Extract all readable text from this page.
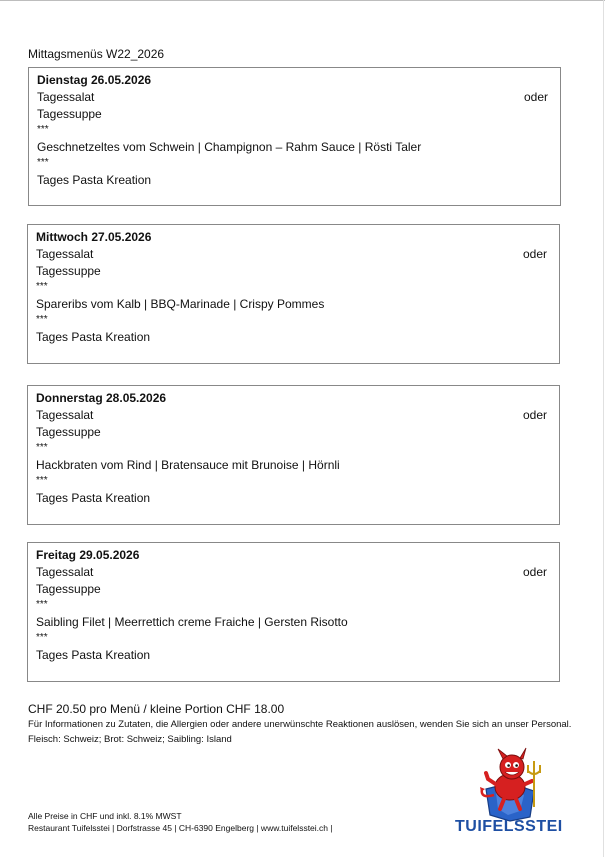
Mittagsmenüs W22_2026
Dienstag 26.05.2026
Tagessalat	oder
Tagessuppe
***
Geschnetzeltes vom Schwein | Champignon – Rahm Sauce | Rösti Taler
***
Tages Pasta Kreation
Mittwoch 27.05.2026
Tagessalat	oder
Tagessuppe
***
Spareribs vom Kalb | BBQ-Marinade | Crispy Pommes
***
Tages Pasta Kreation
Donnerstag 28.05.2026
Tagessalat	oder
Tagessuppe
***
Hackbraten vom Rind | Bratensauce mit Brunoise | Hörnli
***
Tages Pasta Kreation
Freitag 29.05.2026
Tagessalat	oder
Tagessuppe
***
Saibling Filet | Meerrettich creme Fraiche | Gersten Risotto
***
Tages Pasta Kreation
CHF 20.50 pro Menü / kleine Portion CHF 18.00
Für Informationen zu Zutaten, die Allergien oder andere unerwünschte Reaktionen auslösen, wenden Sie sich an unser Personal. Fleisch: Schweiz; Brot: Schweiz; Saibling: Island
Alle Preise in CHF und inkl. 8.1% MWST
Restaurant Tuifelsstei | Dorfstrasse 45 | CH-6390 Engelberg | www.tuifelsstei.ch |	TUIFELSSTEI
